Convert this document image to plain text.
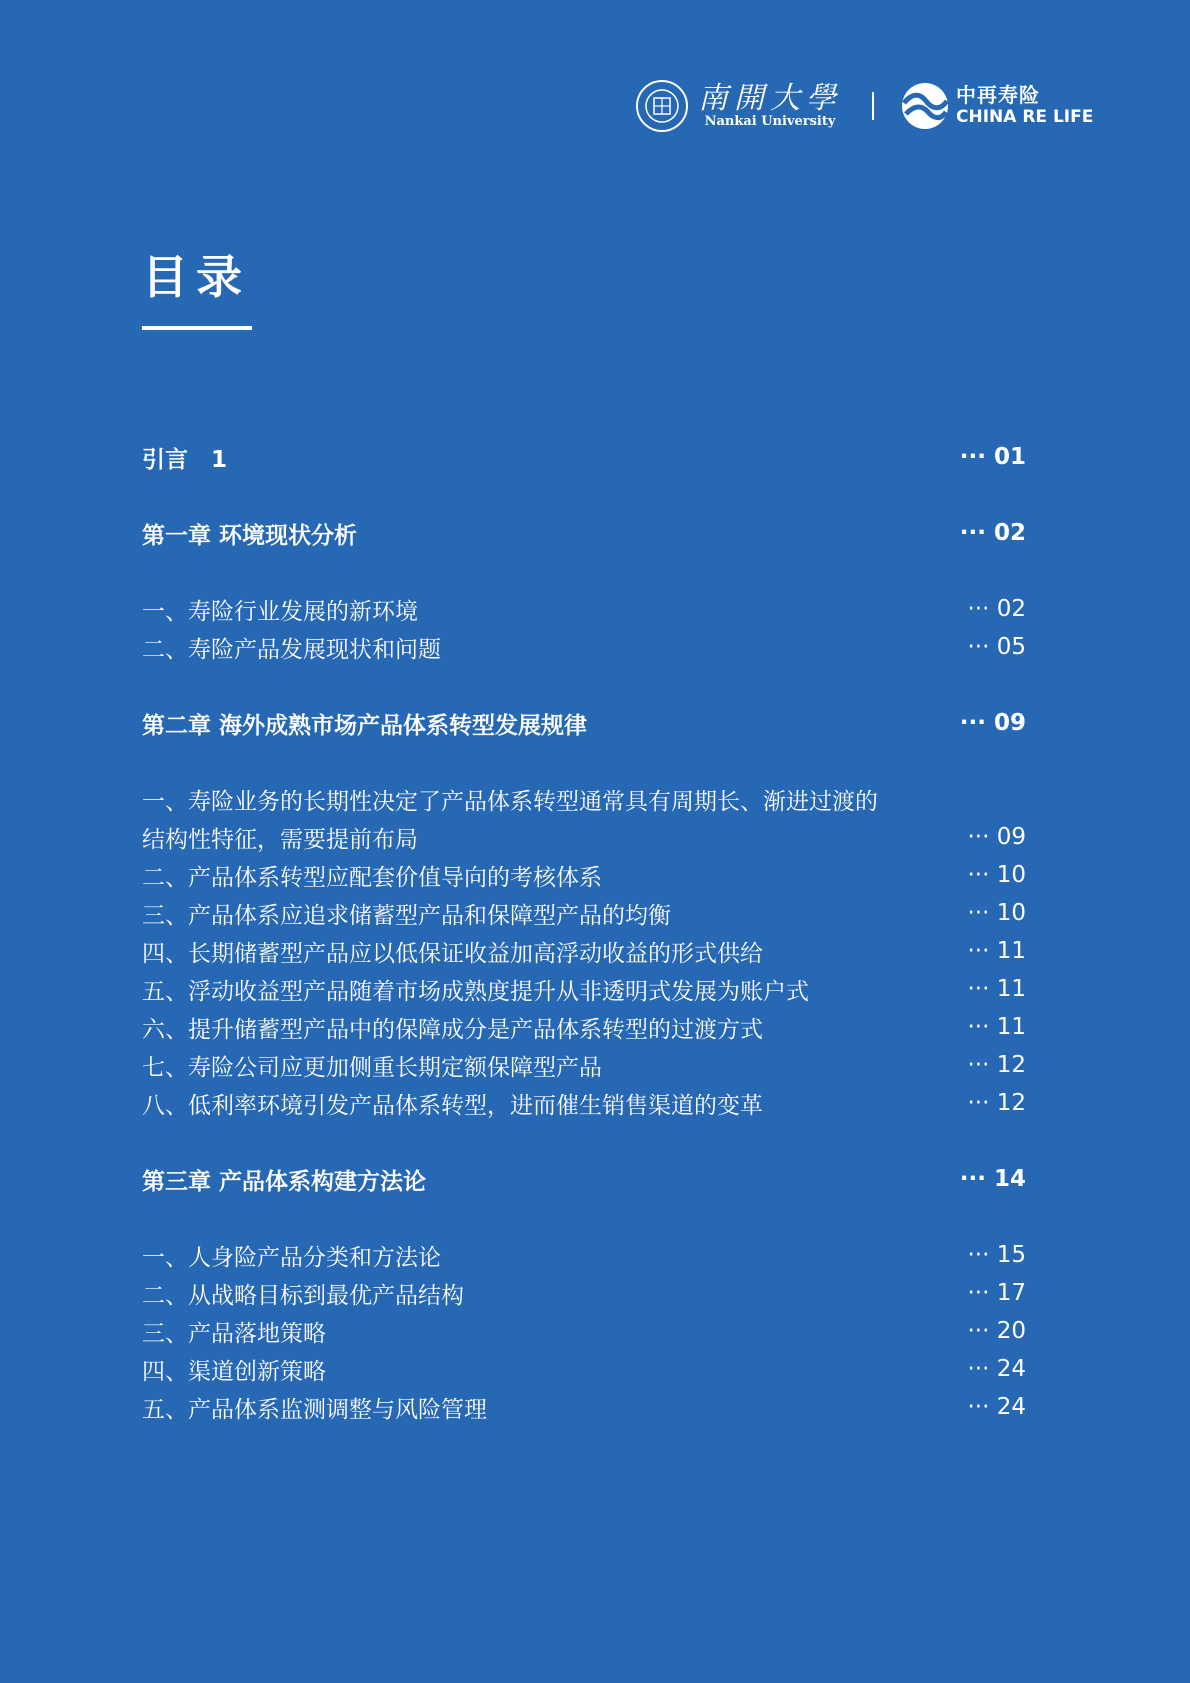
南開大學
Nankai University
中再寿险
CHINA RE LIFE
目录
引言　1	··· 01
第一章 环境现状分析	··· 02
一、寿险行业发展的新环境	··· 02
二、寿险产品发展现状和问题	··· 05
第二章 海外成熟市场产品体系转型发展规律	··· 09
一、寿险业务的长期性决定了产品体系转型通常具有周期长、渐进过渡的
结构性特征，需要提前布局	··· 09
二、产品体系转型应配套价值导向的考核体系	··· 10
三、产品体系应追求储蓄型产品和保障型产品的均衡	··· 10
四、长期储蓄型产品应以低保证收益加高浮动收益的形式供给	··· 11
五、浮动收益型产品随着市场成熟度提升从非透明式发展为账户式	··· 11
六、提升储蓄型产品中的保障成分是产品体系转型的过渡方式	··· 11
七、寿险公司应更加侧重长期定额保障型产品	··· 12
八、低利率环境引发产品体系转型，进而催生销售渠道的变革	··· 12
第三章 产品体系构建方法论	··· 14
一、人身险产品分类和方法论	··· 15
二、从战略目标到最优产品结构	··· 17
三、产品落地策略	··· 20
四、渠道创新策略	··· 24
五、产品体系监测调整与风险管理	··· 24
